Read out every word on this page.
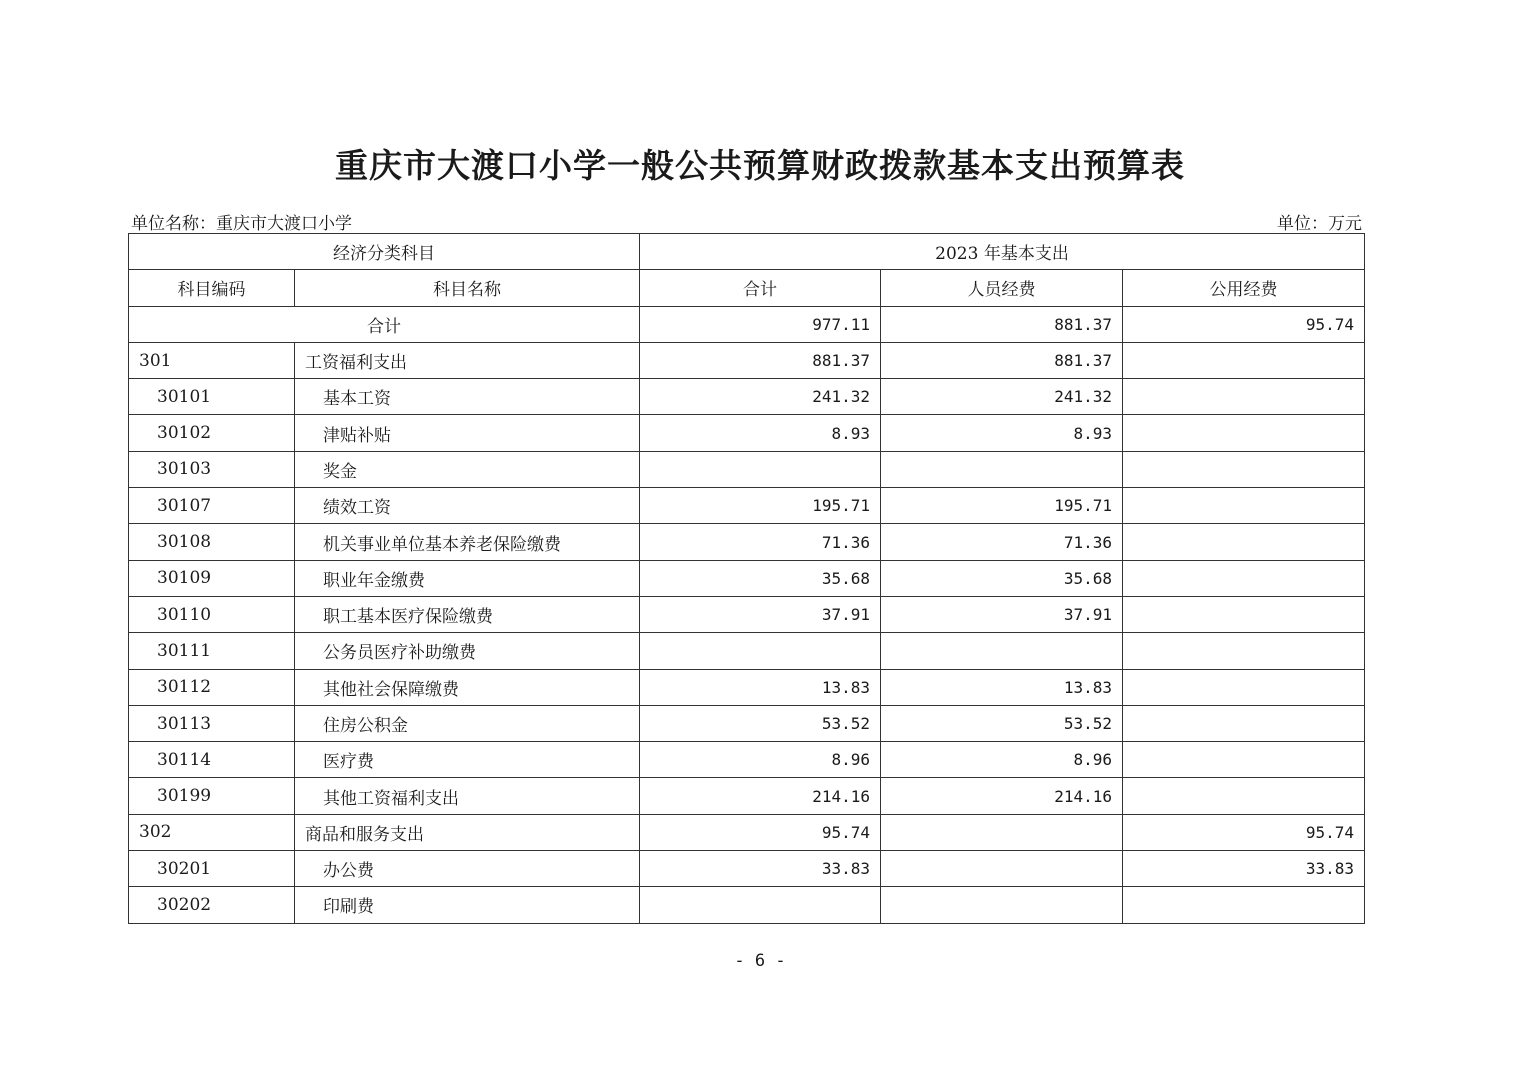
重庆市大渡口小学一般公共预算财政拨款基本支出预算表
单位名称：重庆市大渡口小学	单位：万元
经济分类科目		2023 年基本支出		
科目编码	科目名称	合计	人员经费	公用经费
合计		977.11	881.37	95.74
301	工资福利支出	881.37	881.37	
30101	基本工资	241.32	241.32	
30102	津贴补贴	8.93	8.93	
30103	奖金			
30107	绩效工资	195.71	195.71	
30108	机关事业单位基本养老保险缴费	71.36	71.36	
30109	职业年金缴费	35.68	35.68	
30110	职工基本医疗保险缴费	37.91	37.91	
30111	公务员医疗补助缴费			
30112	其他社会保障缴费	13.83	13.83	
30113	住房公积金	53.52	53.52	
30114	医疗费	8.96	8.96	
30199	其他工资福利支出	214.16	214.16	
302	商品和服务支出	95.74		95.74
30201	办公费	33.83		33.83
30202	印刷费			
- 6 -
